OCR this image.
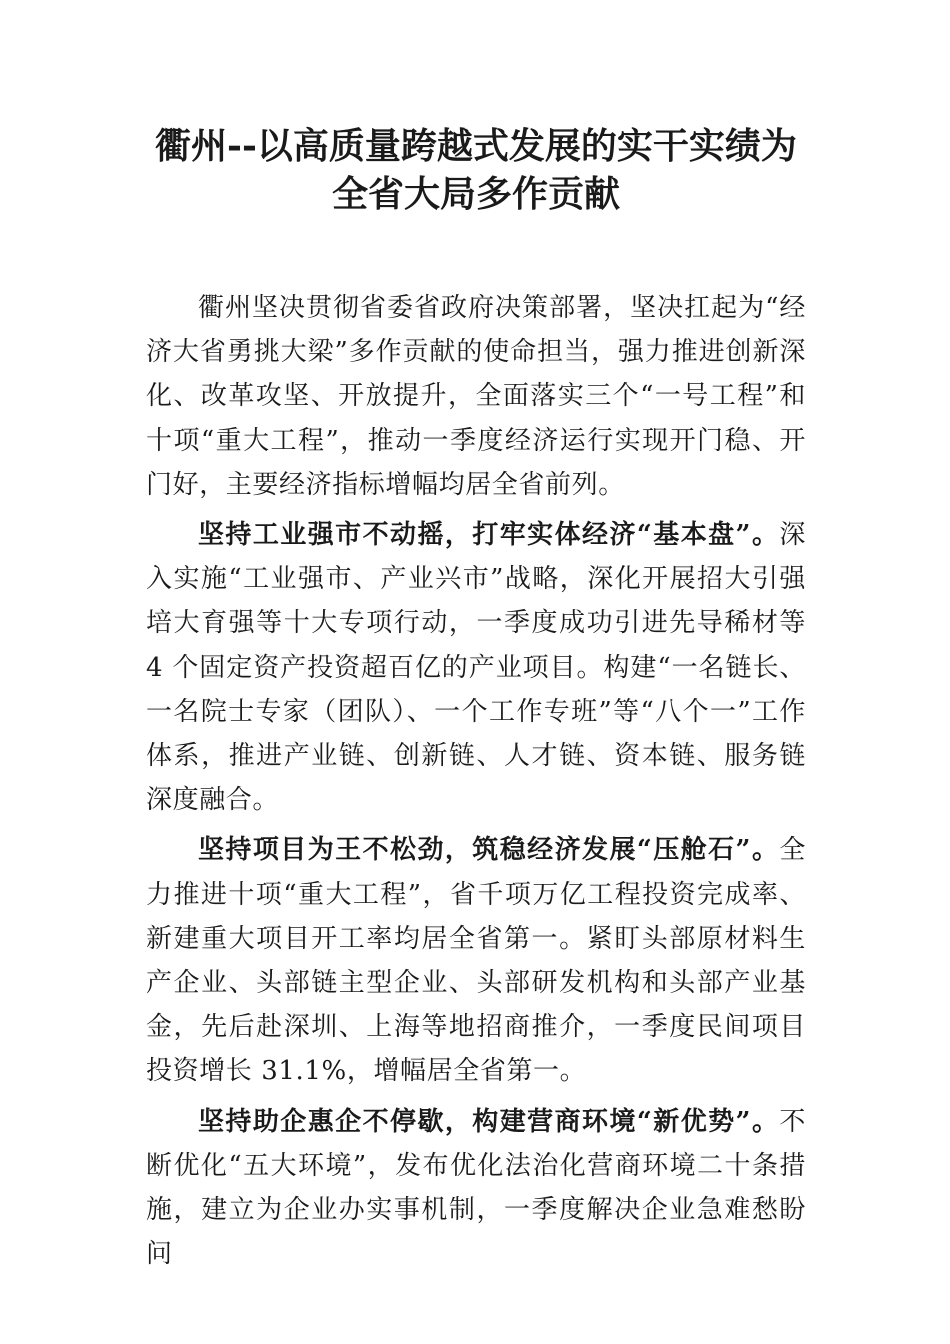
衢州--以高质量跨越式发展的实干实绩为
全省大局多作贡献

衢州坚决贯彻省委省政府决策部署，坚决扛起为“经济大省勇挑大梁”多作贡献的使命担当，强力推进创新深化、改革攻坚、开放提升，全面落实三个“一号工程”和十项“重大工程”，推动一季度经济运行实现开门稳、开门好，主要经济指标增幅均居全省前列。

坚持工业强市不动摇，打牢实体经济“基本盘”。深入实施“工业强市、产业兴市”战略，深化开展招大引强培大育强等十大专项行动，一季度成功引进先导稀材等 4 个固定资产投资超百亿的产业项目。构建“一名链长、一名院士专家（团队）、一个工作专班”等“八个一”工作体系，推进产业链、创新链、人才链、资本链、服务链深度融合。

坚持项目为王不松劲，筑稳经济发展“压舱石”。全力推进十项“重大工程”，省千项万亿工程投资完成率、新建重大项目开工率均居全省第一。紧盯头部原材料生产企业、头部链主型企业、头部研发机构和头部产业基金，先后赴深圳、上海等地招商推介，一季度民间项目投资增长 31.1%，增幅居全省第一。

坚持助企惠企不停歇，构建营商环境“新优势”。不断优化“五大环境”，发布优化法治化营商环境二十条措施，建立为企业办实事机制，一季度解决企业急难愁盼问
